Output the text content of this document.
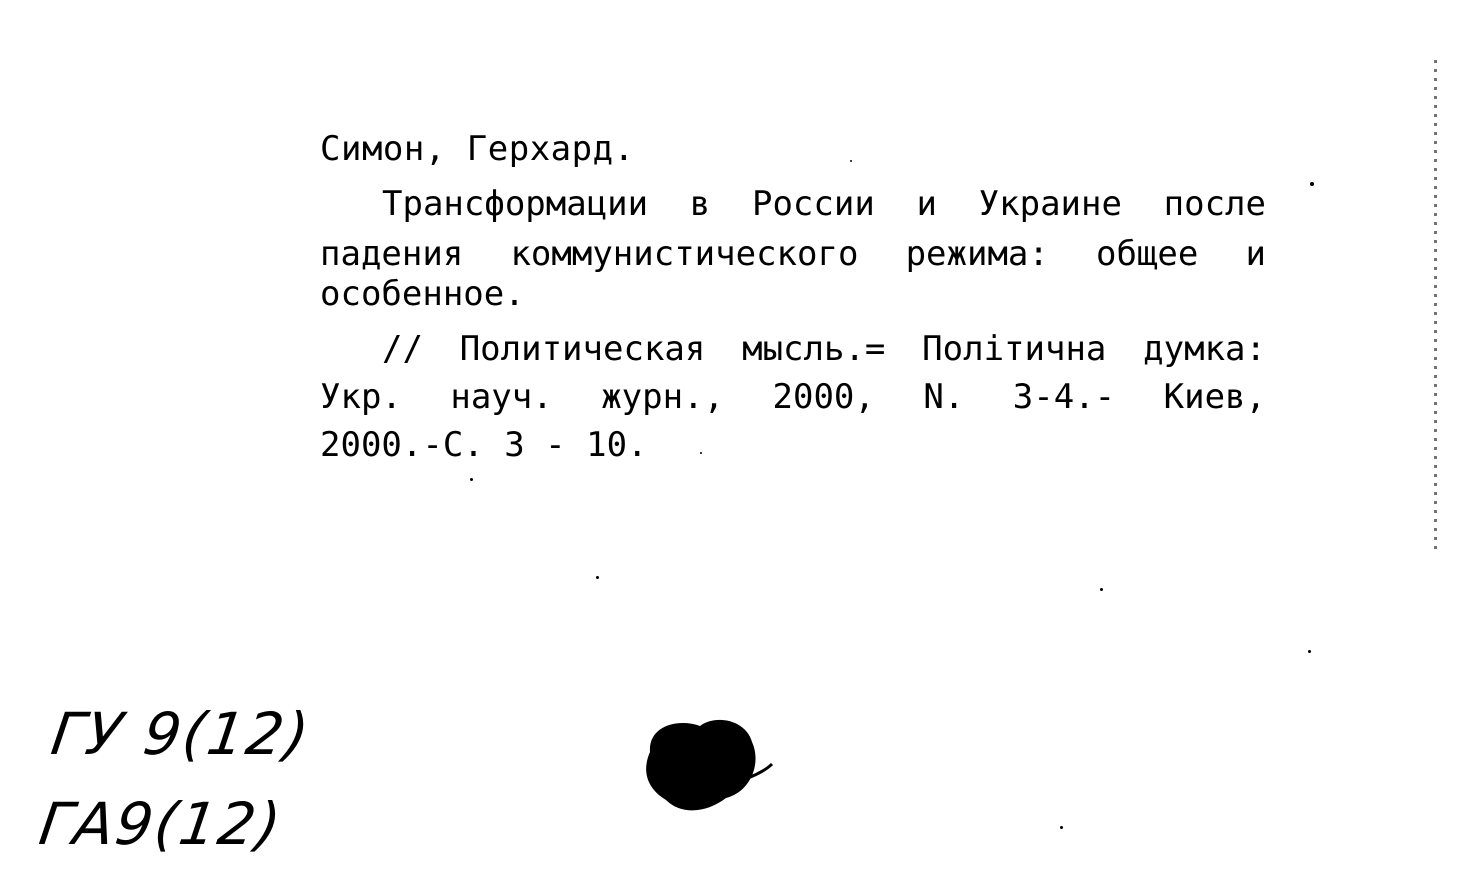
Симон, Герхард.
Трансформации в России и Украине после
падения коммунистического режима: общее и
особенное.
// Политическая мысль.= Політична думка:
Укр. науч. журн., 2000, N. 3-4.- Киев,
2000.-С. 3 - 10.
ГУ 9(12)
ГА9(12)
